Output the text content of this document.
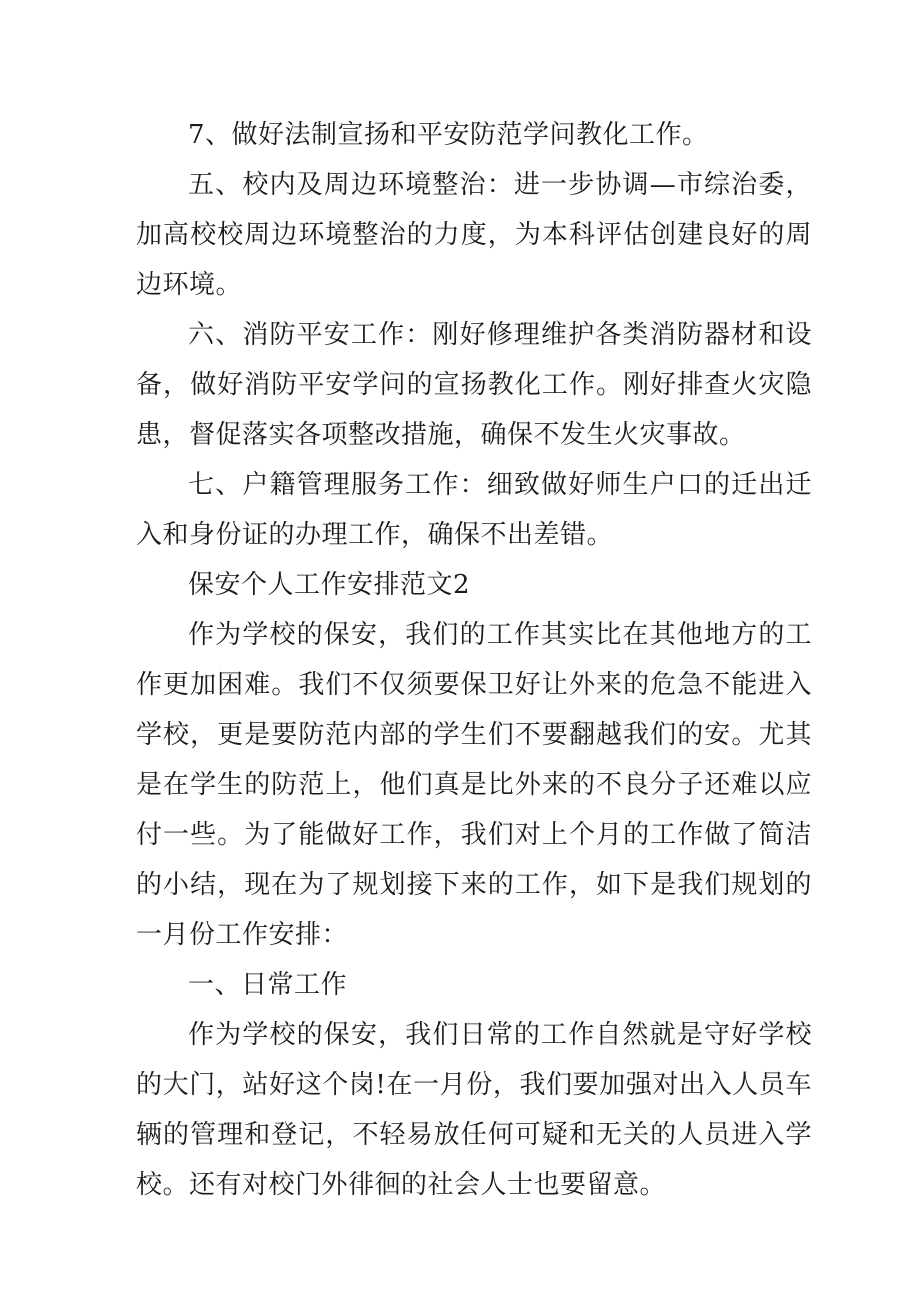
7、做好法制宣扬和平安防范学问教化工作。

五、校内及周边环境整治：进一步协调—市综治委，加高校校周边环境整治的力度，为本科评估创建良好的周边环境。

六、消防平安工作：刚好修理维护各类消防器材和设备，做好消防平安学问的宣扬教化工作。刚好排查火灾隐患，督促落实各项整改措施，确保不发生火灾事故。

七、户籍管理服务工作：细致做好师生户口的迁出迁入和身份证的办理工作，确保不出差错。

保安个人工作安排范文2

作为学校的保安，我们的工作其实比在其他地方的工作更加困难。我们不仅须要保卫好让外来的危急不能进入学校，更是要防范内部的学生们不要翻越我们的安。尤其是在学生的防范上，他们真是比外来的不良分子还难以应付一些。为了能做好工作，我们对上个月的工作做了简洁的小结，现在为了规划接下来的工作，如下是我们规划的一月份工作安排：

一、日常工作

作为学校的保安，我们日常的工作自然就是守好学校的大门，站好这个岗!在一月份，我们要加强对出入人员车辆的管理和登记，不轻易放任何可疑和无关的人员进入学校。还有对校门外徘徊的社会人士也要留意。
